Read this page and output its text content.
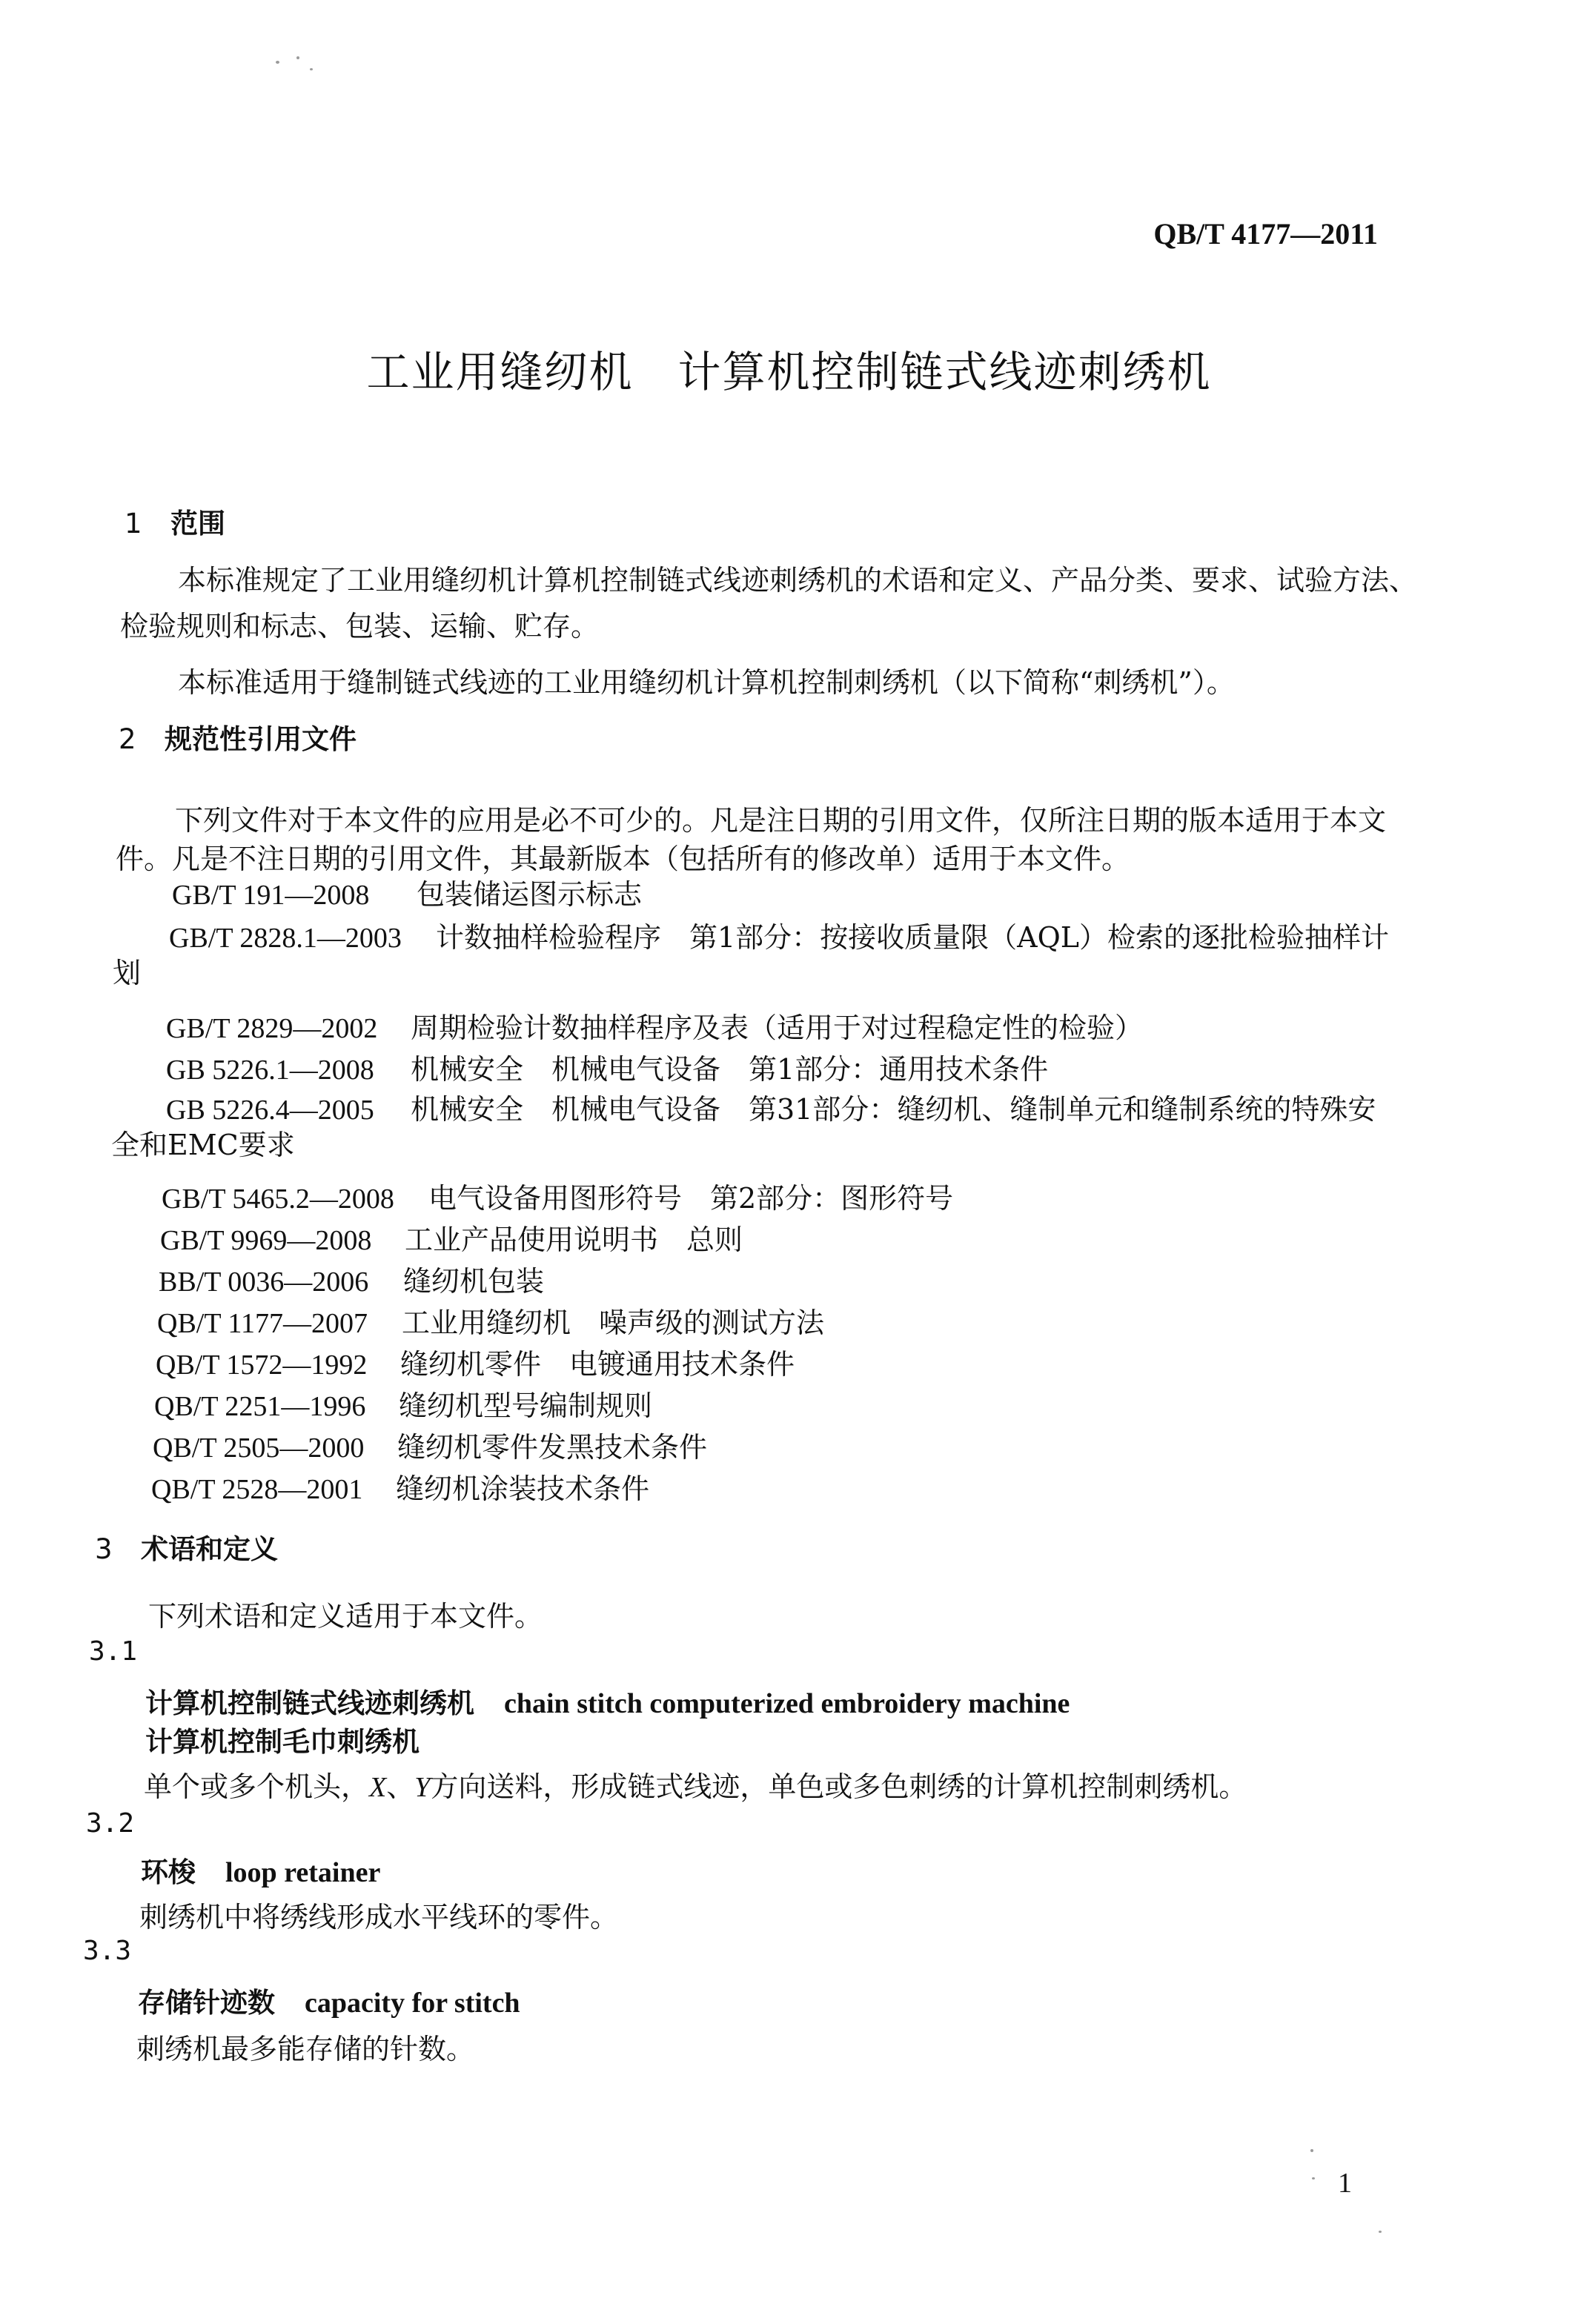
QB/T 4177—2011
工业用缝纫机 计算机控制链式线迹刺绣机
1 范围
本标准规定了工业用缝纫机计算机控制链式线迹刺绣机的术语和定义、产品分类、要求、试验方法、
检验规则和标志、包装、运输、贮存。
本标准适用于缝制链式线迹的工业用缝纫机计算机控制刺绣机（以下简称“刺绣机”）。
2 规范性引用文件
下列文件对于本文件的应用是必不可少的。凡是注日期的引用文件，仅所注日期的版本适用于本文
件。凡是不注日期的引用文件，其最新版本（包括所有的修改单）适用于本文件。
GB/T 191—2008 包装储运图示标志
GB/T 2828.1—2003 计数抽样检验程序　第1部分：按接收质量限（AQL）检索的逐批检验抽样计
划
GB/T 2829—2002 周期检验计数抽样程序及表（适用于对过程稳定性的检验）
GB 5226.1—2008 机械安全　机械电气设备　第1部分：通用技术条件
GB 5226.4—2005 机械安全　机械电气设备　第31部分：缝纫机、缝制单元和缝制系统的特殊安
全和EMC要求
GB/T 5465.2—2008 电气设备用图形符号　第2部分：图形符号
GB/T 9969—2008 工业产品使用说明书　总则
BB/T 0036—2006 缝纫机包装
QB/T 1177—2007 工业用缝纫机　噪声级的测试方法
QB/T 1572—1992 缝纫机零件　电镀通用技术条件
QB/T 2251—1996 缝纫机型号编制规则
QB/T 2505—2000 缝纫机零件发黑技术条件
QB/T 2528—2001 缝纫机涂装技术条件
3 术语和定义
下列术语和定义适用于本文件。
3.1
计算机控制链式线迹刺绣机 chain stitch computerized embroidery machine
计算机控制毛巾刺绣机
单个或多个机头，X、Y方向送料，形成链式线迹，单色或多色刺绣的计算机控制刺绣机。
3.2
环梭 loop retainer
刺绣机中将绣线形成水平线环的零件。
3.3
存储针迹数 capacity for stitch
刺绣机最多能存储的针数。
1
